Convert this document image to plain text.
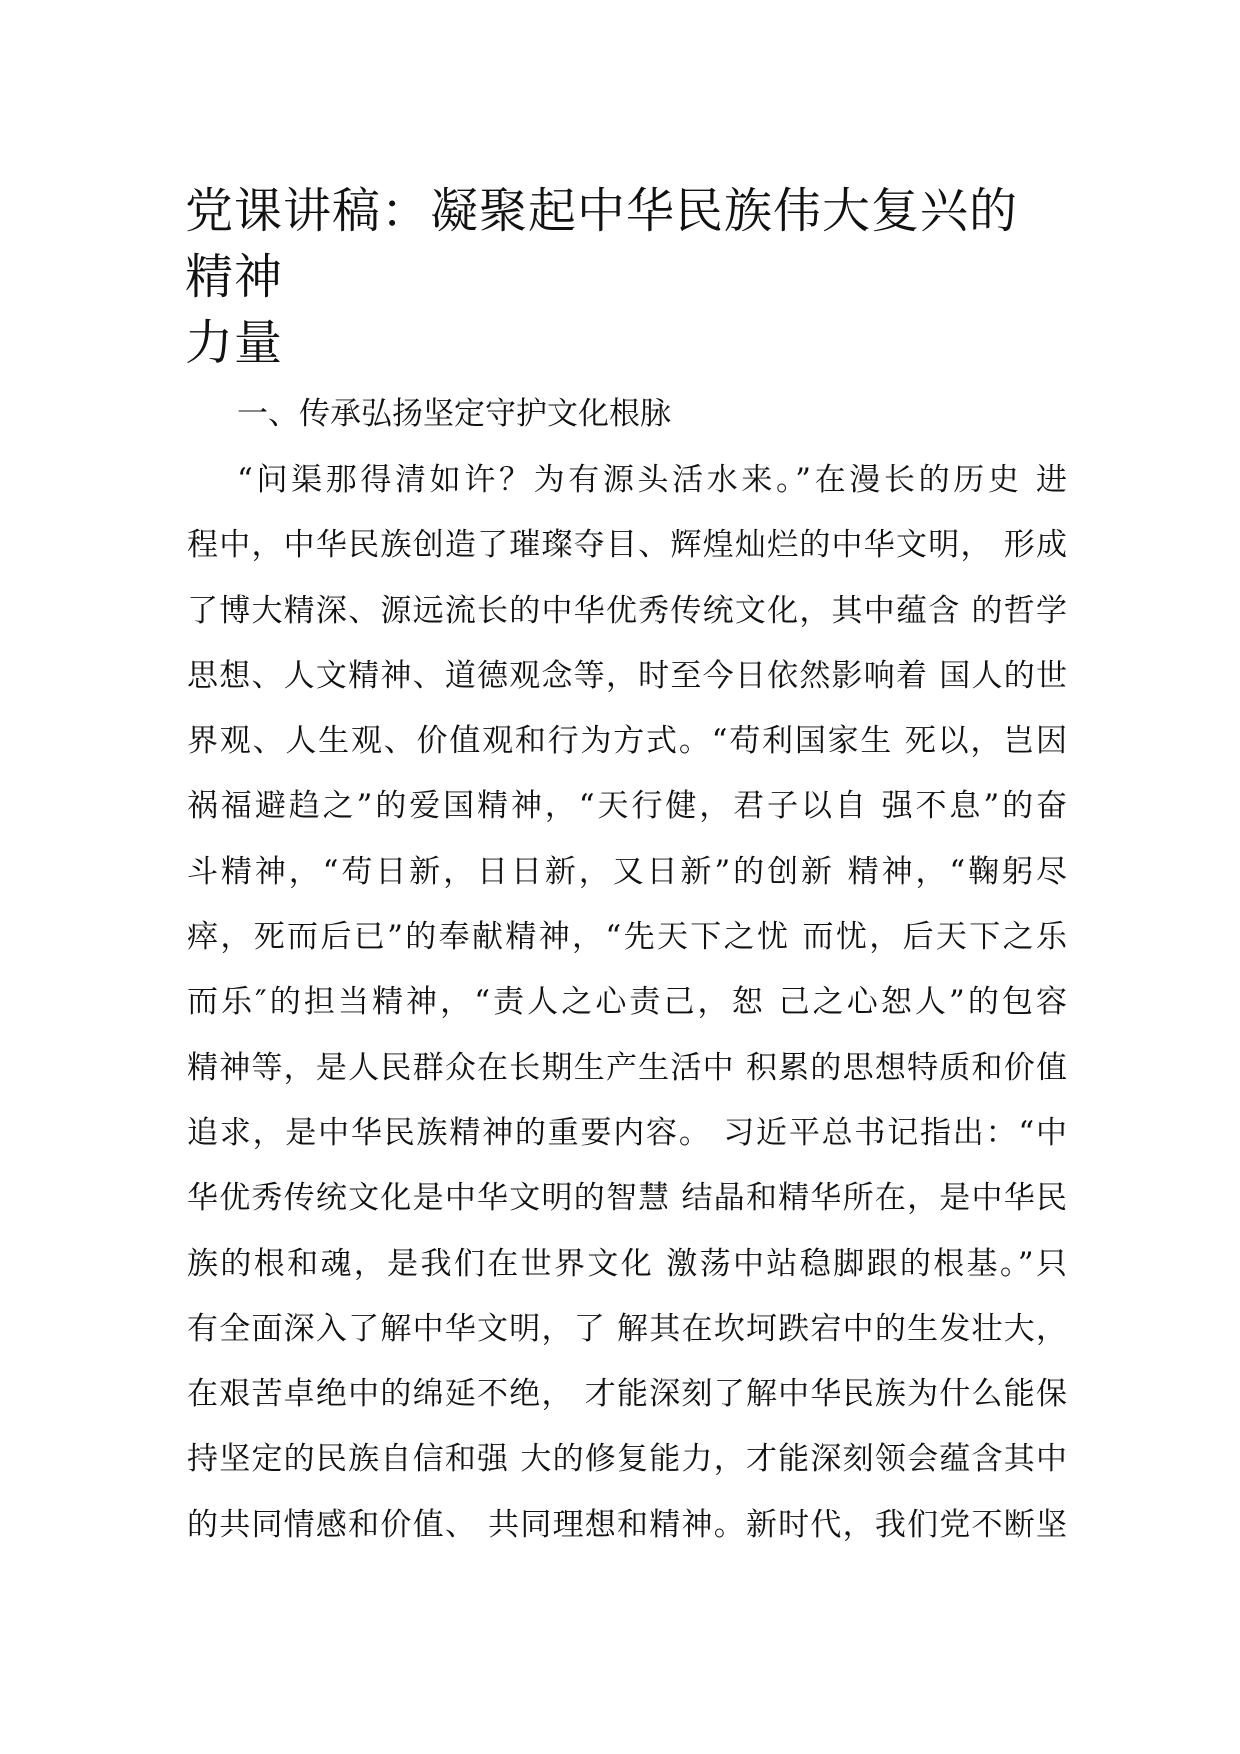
党课讲稿：凝聚起中华民族伟大复兴的精神
力量
一、传承弘扬坚定守护文化根脉
“问渠那得清如许？为有源头活水来。”在漫长的历史 进
程中，中华民族创造了璀璨夺目、辉煌灿烂的中华文明， 形成
了博大精深、源远流长的中华优秀传统文化，其中蕴含 的哲学
思想、人文精神、道德观念等，时至今日依然影响着 国人的世
界观、人生观、价值观和行为方式。“苟利国家生 死以，岂因
祸福避趋之”的爱国精神，“天行健，君子以自 强不息”的奋
斗精神，“苟日新，日日新，又日新”的创新 精神，“鞠躬尽
瘁，死而后已”的奉献精神，“先天下之忧 而忧，后天下之乐
而乐″的担当精神，“责人之心责己，恕 己之心恕人”的包容
精神等，是人民群众在长期生产生活中 积累的思想特质和价值
追求，是中华民族精神的重要内容。 习近平总书记指出：“中
华优秀传统文化是中华文明的智慧 结晶和精华所在，是中华民
族的根和魂，是我们在世界文化 激荡中站稳脚跟的根基。”只
有全面深入了解中华文明，了 解其在坎坷跌宕中的生发壮大，
在艰苦卓绝中的绵延不绝， 才能深刻了解中华民族为什么能保
持坚定的民族自信和强 大的修复能力，才能深刻领会蕴含其中
的共同情感和价值、 共同理想和精神。新时代，我们党不断坚
